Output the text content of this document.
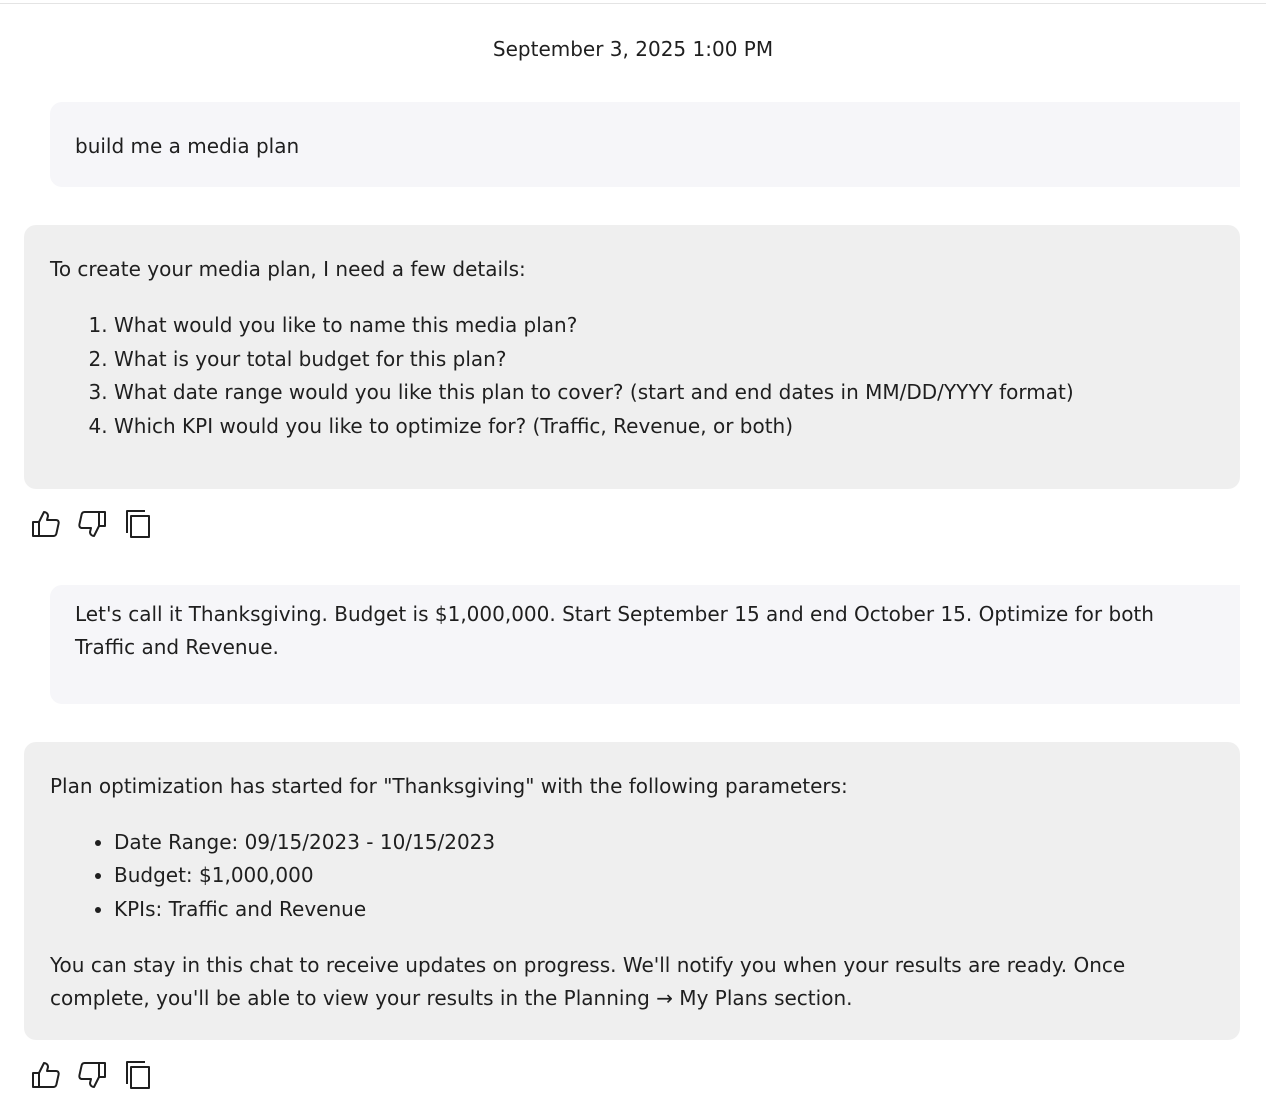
September 3, 2025 1:00 PM
build me a media plan

To create your media plan, I need a few details:

1. What would you like to name this media plan?
2. What is your total budget for this plan?
3. What date range would you like this plan to cover? (start and end dates in MM/DD/YYYY format)
4. Which KPI would you like to optimize for? (Traffic, Revenue, or both)
Let's call it Thanksgiving. Budget is $1,000,000. Start September 15 and end October 15. Optimize for both Traffic and Revenue.

Plan optimization has started for "Thanksgiving" with the following parameters:

• Date Range: 09/15/2023 - 10/15/2023
• Budget: $1,000,000
• KPIs: Traffic and Revenue

You can stay in this chat to receive updates on progress. We'll notify you when your results are ready. Once complete, you'll be able to view your results in the Planning → My Plans section.
